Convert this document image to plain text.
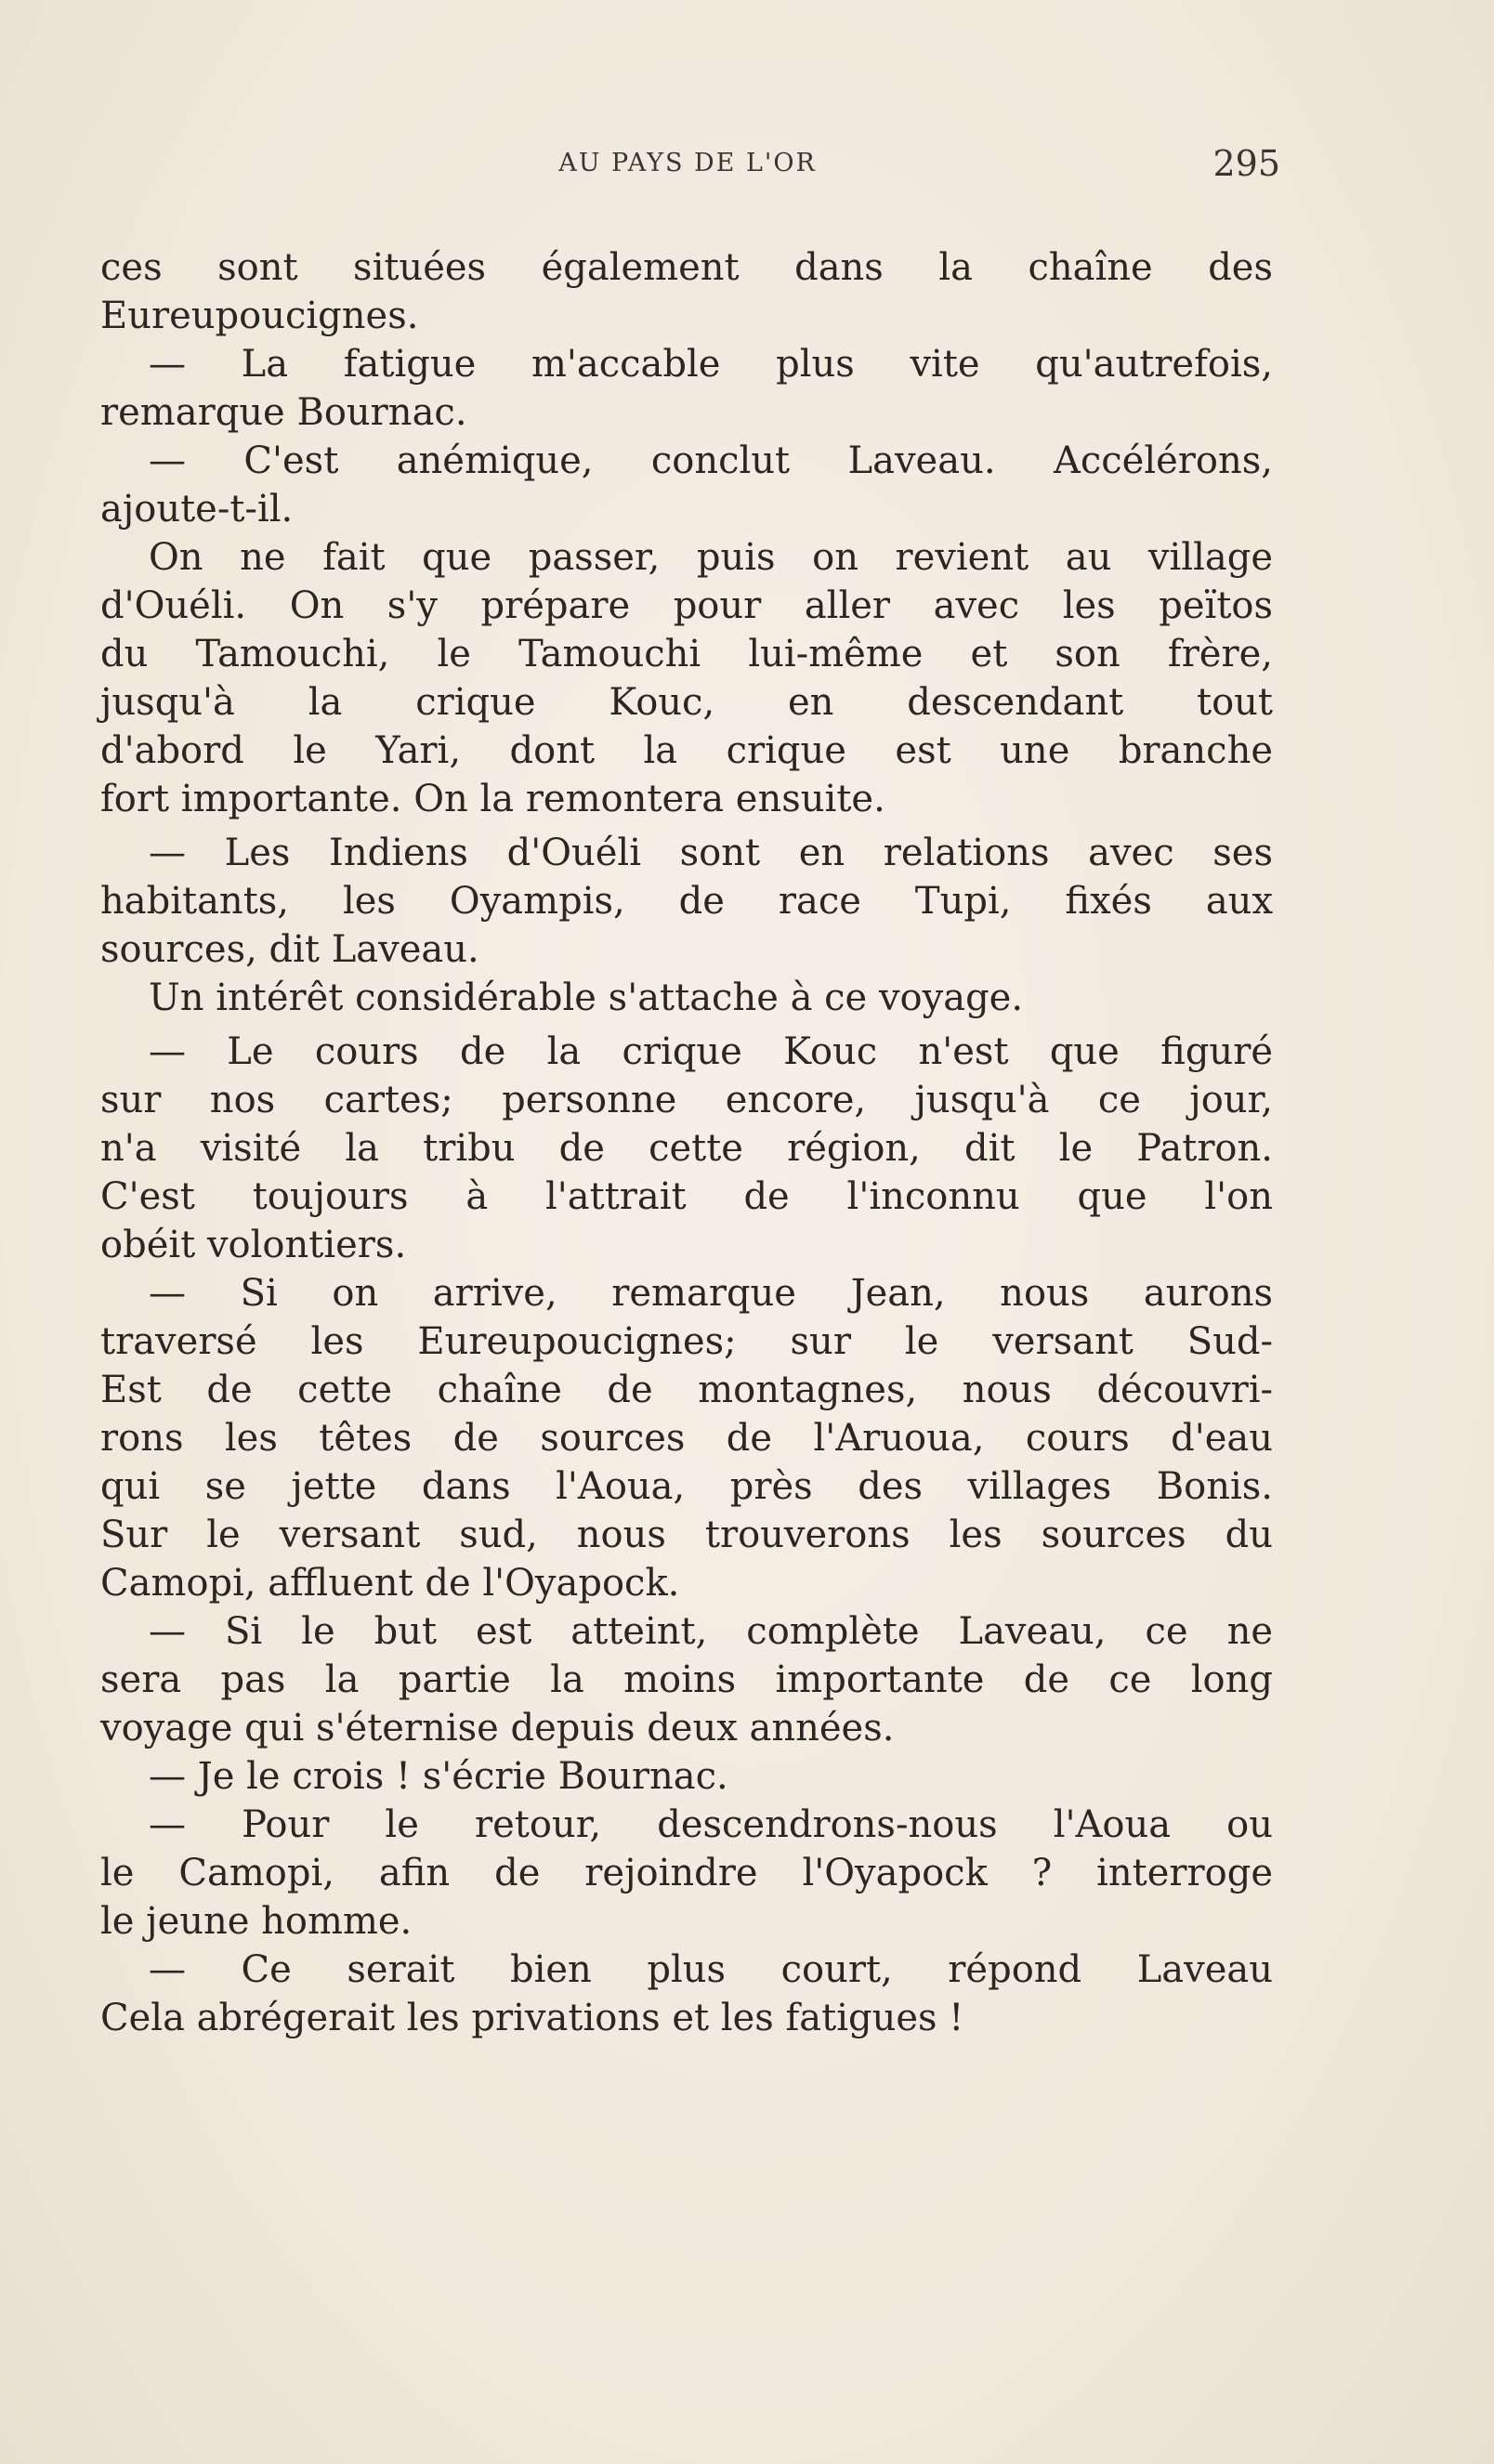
AU PAYS DE L'OR	295
ces sont situées également dans la chaîne des
Eureupoucignes.
— La fatigue m'accable plus vite qu'autrefois,
remarque Bournac.
— C'est anémique, conclut Laveau. Accélérons,
ajoute-t-il.
On ne fait que passer, puis on revient au village
d'Ouéli. On s'y prépare pour aller avec les peïtos
du Tamouchi, le Tamouchi lui-même et son frère,
jusqu'à la crique Kouc, en descendant tout
d'abord le Yari, dont la crique est une branche
fort importante. On la remontera ensuite.
— Les Indiens d'Ouéli sont en relations avec ses
habitants, les Oyampis, de race Tupi, fixés aux
sources, dit Laveau.
Un intérêt considérable s'attache à ce voyage.
— Le cours de la crique Kouc n'est que figuré
sur nos cartes; personne encore, jusqu'à ce jour,
n'a visité la tribu de cette région, dit le Patron.
C'est toujours à l'attrait de l'inconnu que l'on
obéit volontiers.
— Si on arrive, remarque Jean, nous aurons
traversé les Eureupoucignes; sur le versant Sud-
Est de cette chaîne de montagnes, nous découvri-
rons les têtes de sources de l'Aruoua, cours d'eau
qui se jette dans l'Aoua, près des villages Bonis.
Sur le versant sud, nous trouverons les sources du
Camopi, affluent de l'Oyapock.
— Si le but est atteint, complète Laveau, ce ne
sera pas la partie la moins importante de ce long
voyage qui s'éternise depuis deux années.
— Je le crois ! s'écrie Bournac.
— Pour le retour, descendrons-nous l'Aoua ou
le Camopi, afin de rejoindre l'Oyapock ? interroge
le jeune homme.
— Ce serait bien plus court, répond Laveau
Cela abrégerait les privations et les fatigues !
